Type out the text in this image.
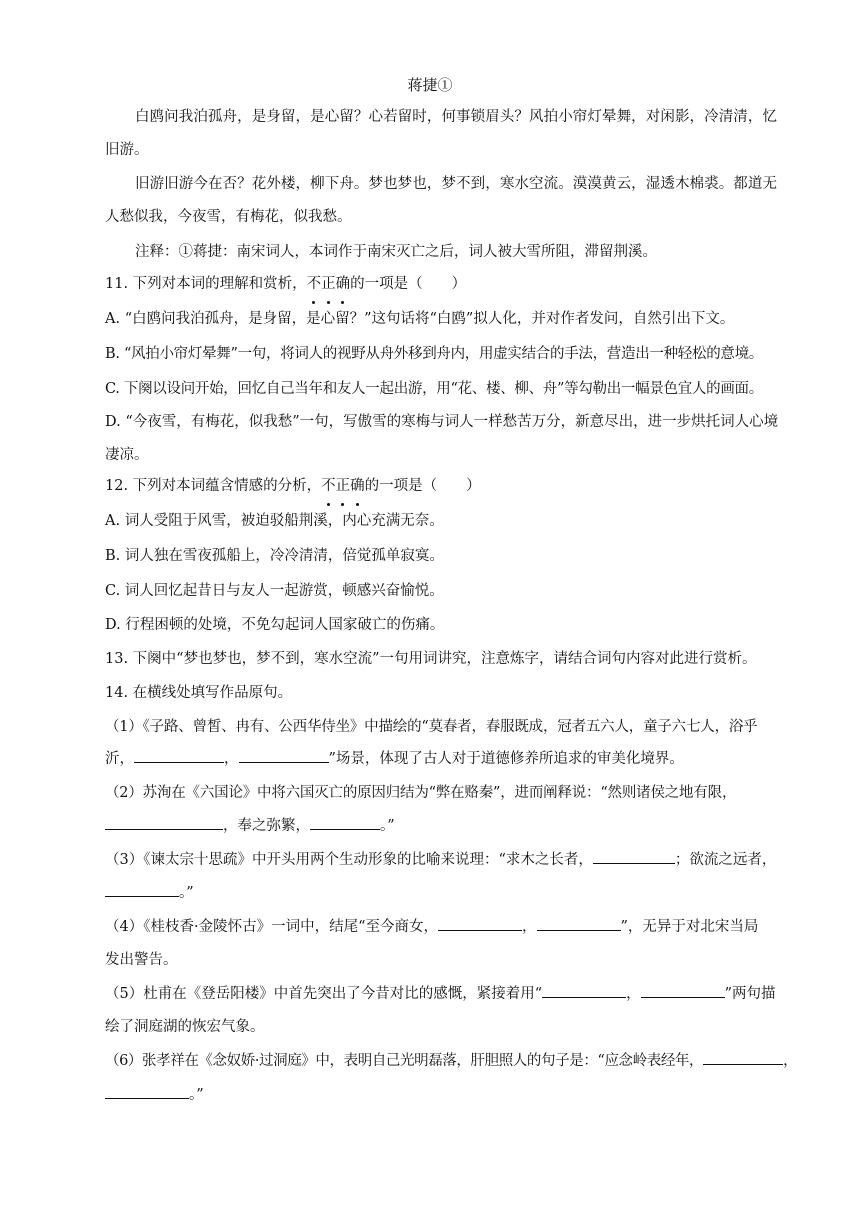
蒋捷①
白鸥问我泊孤舟，是身留，是心留？心若留时，何事锁眉头？风拍小帘灯晕舞，对闲影，冷清清，忆旧游。
旧游旧游今在否？花外楼，柳下舟。梦也梦也，梦不到，寒水空流。漠漠黄云，湿透木棉裘。都道无人愁似我，今夜雪，有梅花，似我愁。
注释：①蒋捷：南宋词人，本词作于南宋灭亡之后，词人被大雪所阻，滞留荆溪。
11. 下列对本词的理解和赏析，不正确的一项是（　　）
A. “白鸥问我泊孤舟，是身留，是心留？”这句话将“白鸥”拟人化，并对作者发问，自然引出下文。
B. “风拍小帘灯晕舞”一句，将词人的视野从舟外移到舟内，用虚实结合的手法，营造出一种轻松的意境。
C. 下阕以设问开始，回忆自己当年和友人一起出游，用“花、楼、柳、舟”等勾勒出一幅景色宜人的画面。
D. “今夜雪，有梅花，似我愁”一句，写傲雪的寒梅与词人一样愁苦万分，新意尽出，进一步烘托词人心境凄凉。
12. 下列对本词蕴含情感的分析，不正确的一项是（　　）
A. 词人受阻于风雪，被迫驳船荆溪，内心充满无奈。
B. 词人独在雪夜孤船上，冷冷清清，倍觉孤单寂寞。
C. 词人回忆起昔日与友人一起游赏，顿感兴奋愉悦。
D. 行程困顿的处境，不免勾起词人国家破亡的伤痛。
13. 下阕中“梦也梦也，梦不到，寒水空流”一句用词讲究，注意炼字，请结合词句内容对此进行赏析。
14. 在横线处填写作品原句。
（1）《子路、曾皙、冉有、公西华侍坐》中描绘的“莫春者，春服既成，冠者五六人，童子六七人，浴乎
沂，	，	”场景，体现了古人对于道德修养所追求的审美化境界。
（2）苏洵在《六国论》中将六国灭亡的原因归结为“弊在赂秦”，进而阐释说：“然则诸侯之地有限，
，奉之弥繁，	。”
（3）《谏太宗十思疏》中开头用两个生动形象的比喻来说理：“求木之长者，	；欲流之远者，
。”
（4）《桂枝香·金陵怀古》一词中，结尾“至今商女，	，	”，无异于对北宋当局
发出警告。
（5）杜甫在《登岳阳楼》中首先突出了今昔对比的感慨，紧接着用“	，	”两句描
绘了洞庭湖的恢宏气象。
（6）张孝祥在《念奴娇·过洞庭》中，表明自己光明磊落，肝胆照人的句子是：“应念岭表经年，	，
。”
